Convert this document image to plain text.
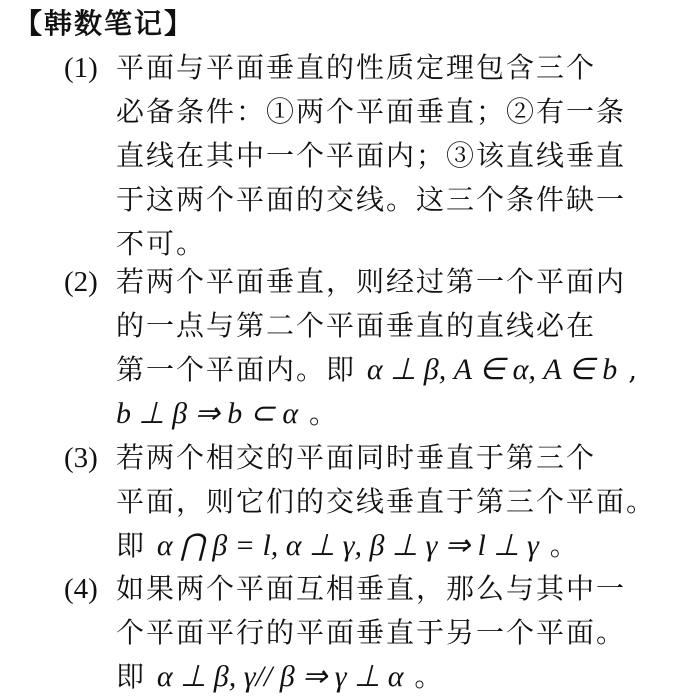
【韩数笔记】
(1) 平面与平面垂直的性质定理包含三个
必备条件：①两个平面垂直；②有一条
直线在其中一个平面内；③该直线垂直
于这两个平面的交线。这三个条件缺一
不可。
(2) 若两个平面垂直，则经过第一个平面内
的一点与第二个平面垂直的直线必在
第一个平面内。即 α ⊥ β, A ∈ α, A ∈ b ,
b ⊥ β ⇒ b ⊂ α 。
(3) 若两个相交的平面同时垂直于第三个
平面，则它们的交线垂直于第三个平面。
即 α ⋂ β = l, α ⊥ γ, β ⊥ γ ⇒ l ⊥ γ 。
(4) 如果两个平面互相垂直，那么与其中一
个平面平行的平面垂直于另一个平面。
即 α ⊥ β, γ// β ⇒ γ ⊥ α 。
